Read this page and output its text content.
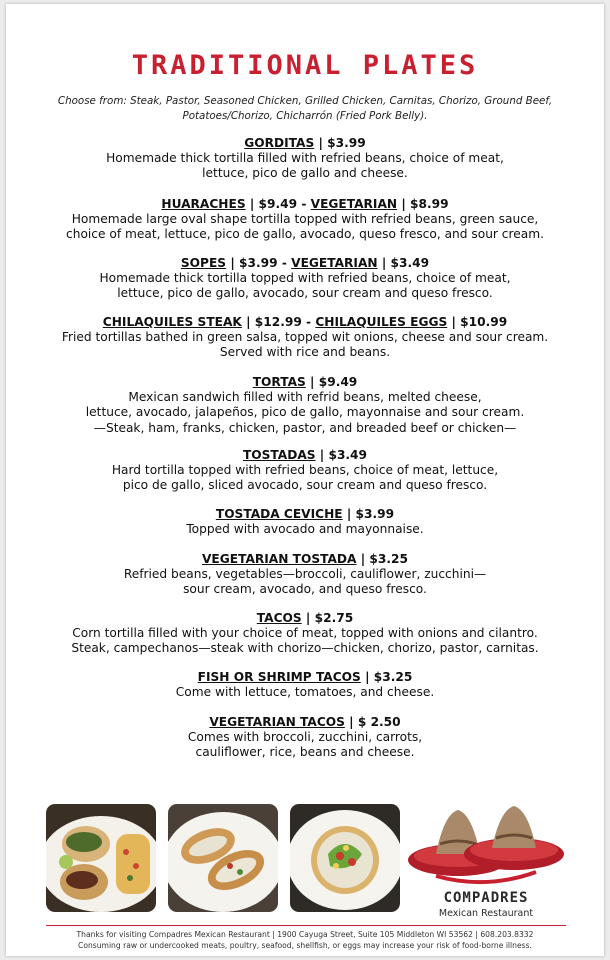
TRADITIONAL PLATES

Choose from: Steak, Pastor, Seasoned Chicken, Grilled Chicken, Carnitas, Chorizo, Ground Beef, Potatoes/Chorizo, Chicharrón (Fried Pork Belly).

GORDITAS | $3.99

Homemade thick tortilla filled with refried beans, choice of meat,

lettuce, pico de gallo and cheese.

HUARACHES | $9.49 - VEGETARIAN | $8.99

Homemade large oval shape tortilla topped with refried beans, green sauce,

choice of meat, lettuce, pico de gallo, avocado, queso fresco, and sour cream.

SOPES | $3.99 - VEGETARIAN | $3.49

Homemade thick tortilla topped with refried beans, choice of meat,

lettuce, pico de gallo, avocado, sour cream and queso fresco.

CHILAQUILES STEAK | $12.99 - CHILAQUILES EGGS | $10.99

Fried tortillas bathed in green salsa, topped wit onions, cheese and sour cream.

Served with rice and beans.

TORTAS | $9.49

Mexican sandwich filled with refrid beans, melted cheese,

lettuce, avocado, jalapeños, pico de gallo, mayonnaise and sour cream.

—Steak, ham, franks, chicken, pastor, and breaded beef or chicken—

TOSTADAS | $3.49

Hard tortilla topped with refried beans, choice of meat, lettuce,

pico de gallo, sliced avocado, sour cream and queso fresco.

TOSTADA CEVICHE | $3.99

Topped with avocado and mayonnaise.

VEGETARIAN TOSTADA | $3.25

Refried beans, vegetables—broccoli, cauliflower, zucchini—

sour cream, avocado, and queso fresco.

TACOS | $2.75

Corn tortilla filled with your choice of meat, topped with onions and cilantro.

Steak, campechanos—steak with chorizo—chicken, chorizo, pastor, carnitas.

FISH OR SHRIMP TACOS | $3.25

Come with lettuce, tomatoes, and cheese.

VEGETARIAN TACOS | $ 2.50

Comes with broccoli, zucchini, carrots,

cauliflower, rice, beans and cheese.

COMPADRES
Mexican Restaurant

Thanks for visiting Compadres Mexican Restaurant | 1900 Cayuga Street, Suite 105 Middleton WI 53562 | 608.203.8332

Consuming raw or undercooked meats, poultry, seafood, shellfish, or eggs may increase your risk of food-borne illness.
